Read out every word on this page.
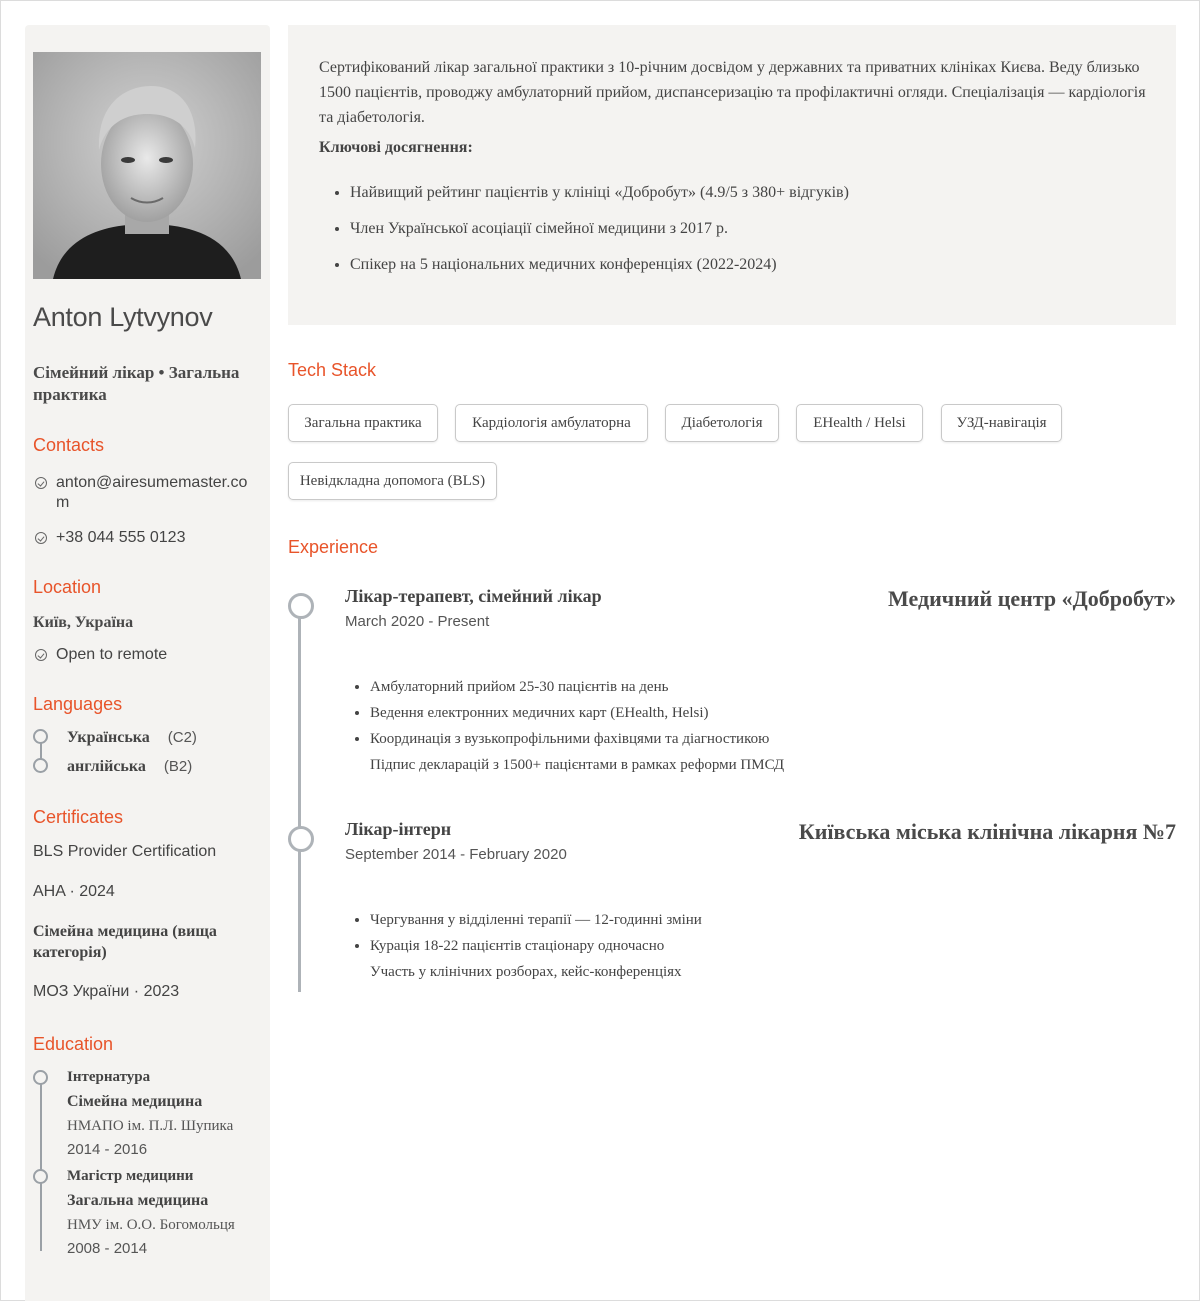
Anton Lytvynov
Сімейний лікар • Загальна практика
Contacts
anton@airesumemaster.co
m
+38 044 555 0123
Location
Київ, Україна
Open to remote
Languages
Українська (C2)
англійська (B2)
Certificates
BLS Provider Certification
AHA · 2024
Сімейна медицина (вища категорія)
МОЗ України · 2023
Education
Інтернатура
Сімейна медицина
НМАПО ім. П.Л. Шупика
2014 - 2016
Магістр медицини
Загальна медицина
НМУ ім. О.О. Богомольця
2008 - 2014
Сертифікований лікар загальної практики з 10-річним досвідом у державних та приватних клініках Києва. Веду близько 1500 пацієнтів, проводжу амбулаторний прийом, диспансеризацію та профілактичні огляди. Спеціалізація — кардіологія та діабетологія.
Ключові досягнення:
• Найвищий рейтинг пацієнтів у клініці «Добробут» (4.9/5 з 380+ відгуків)
• Член Української асоціації сімейної медицини з 2017 р.
• Спікер на 5 національних медичних конференціях (2022-2024)
Tech Stack
Загальна практика	Кардіологія амбулаторна	Діабетологія	EHealth / Helsi	УЗД-навігація
Невідкладна допомога (BLS)
Experience
Лікар-терапевт, сімейний лікар
March 2020 - Present
Медичний центр «Добробут»
• Амбулаторний прийом 25-30 пацієнтів на день
• Ведення електронних медичних карт (EHealth, Helsi)
• Координація з вузькопрофільними фахівцями та діагностикою
Підпис декларацій з 1500+ пацієнтами в рамках реформи ПМСД
Лікар-інтерн
September 2014 - February 2020
Київська міська клінічна лікарня №7
• Чергування у відділенні терапії — 12-годинні зміни
• Курація 18-22 пацієнтів стаціонару одночасно
Участь у клінічних розборах, кейс-конференціях
